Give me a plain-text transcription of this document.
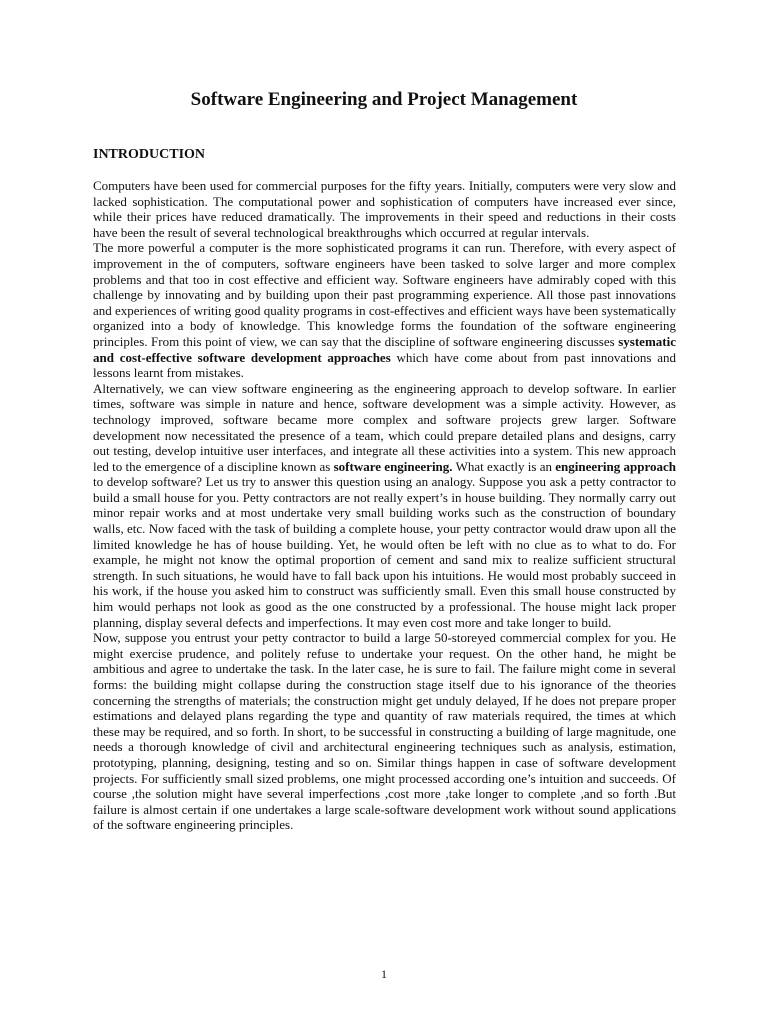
Software Engineering and Project Management
INTRODUCTION

Computers have been used for commercial purposes for the fifty years. Initially, computers were very slow and lacked sophistication. The computational power and sophistication of computers have increased ever since, while their prices have reduced dramatically. The improvements in their speed and reductions in their costs have been the result of several technological breakthroughs which occurred at regular intervals.

The more powerful a computer is the more sophisticated programs it can run. Therefore, with every aspect of improvement in the of computers, software engineers have been tasked to solve larger and more complex problems and that too in cost effective and efficient way. Software engineers have admirably coped with this challenge by innovating and by building upon their past programming experience. All those past innovations and experiences of writing good quality programs in cost-effectives and efficient ways have been systematically organized into a body of knowledge. This knowledge forms the foundation of the software engineering principles. From this point of view, we can say that the discipline of software engineering discusses systematic and cost-effective software development approaches which have come about from past innovations and lessons learnt from mistakes.

Alternatively, we can view software engineering as the engineering approach to develop software. In earlier times, software was simple in nature and hence, software development was a simple activity. However, as technology improved, software became more complex and software projects grew larger. Software development now necessitated the presence of a team, which could prepare detailed plans and designs, carry out testing, develop intuitive user interfaces, and integrate all these activities into a system. This new approach led to the emergence of a discipline known as software engineering. What exactly is an engineering approach to develop software? Let us try to answer this question using an analogy. Suppose you ask a petty contractor to build a small house for you. Petty contractors are not really expert’s in house building. They normally carry out minor repair works and at most undertake very small building works such as the construction of boundary walls, etc. Now faced with the task of building a complete house, your petty contractor would draw upon all the limited knowledge he has of house building. Yet, he would often be left with no clue as to what to do. For example, he might not know the optimal proportion of cement and sand mix to realize sufficient structural strength. In such situations, he would have to fall back upon his intuitions. He would most probably succeed in his work, if the house you asked him to construct was sufficiently small. Even this small house constructed by him would perhaps not look as good as the one constructed by a professional. The house might lack proper planning, display several defects and imperfections. It may even cost more and take longer to build.

Now, suppose you entrust your petty contractor to build a large 50-storeyed commercial complex for you. He might exercise prudence, and politely refuse to undertake your request. On the other hand, he might be ambitious and agree to undertake the task. In the later case, he is sure to fail. The failure might come in several forms: the building might collapse during the construction stage itself due to his ignorance of the theories concerning the strengths of materials; the construction might get unduly delayed, If he does not prepare proper estimations and delayed plans regarding the type and quantity of raw materials required, the times at which these may be required, and so forth. In short, to be successful in constructing a building of large magnitude, one needs a thorough knowledge of civil and architectural engineering techniques such as analysis, estimation, prototyping, planning, designing, testing and so on. Similar things happen in case of software development projects. For sufficiently small sized problems, one might processed according one’s intuition and succeeds. Of course ,the solution might have several imperfections ,cost more ,take longer to complete ,and so forth .But failure is almost certain if one undertakes a large scale-software development work without sound applications of the software engineering principles.

1
